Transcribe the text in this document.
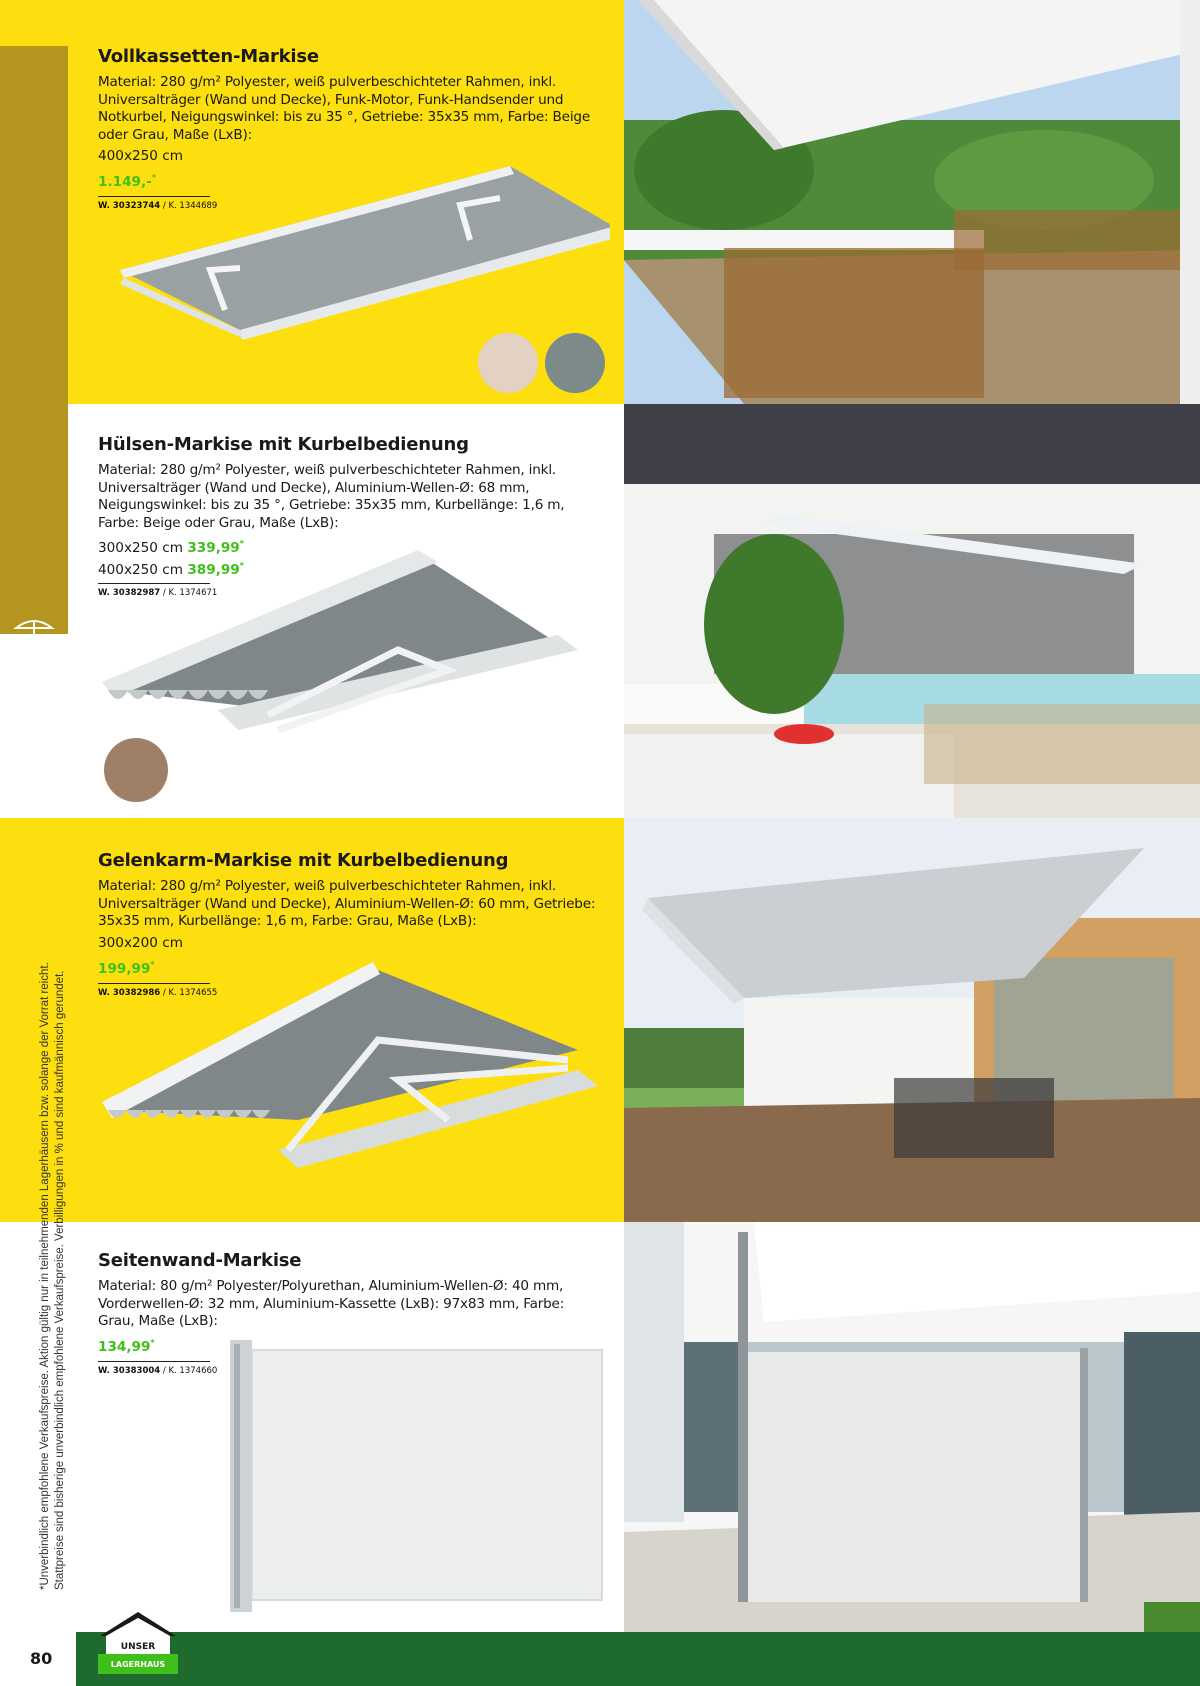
*Unverbindlich empfohlene Verkaufspreise. Aktion gültig nur in teilnehmenden Lagerhäusern bzw. solange der Vorrat reicht. Stattpreise sind bisherige unverbindlich empfohlene Verkaufspreise. Verbilligungen in % und sind kaufmännisch gerundet.
Vollkassetten-Markise
Material: 280 g/m² Polyester, weiß pulverbeschichteter Rahmen, inkl. Universalträger (Wand und Decke), Funk-Motor, Funk-Handsender und Notkurbel, Neigungswinkel: bis zu 35 °, Getriebe: 35x35 mm, Farbe: Beige oder Grau, Maße (LxB):
400x250 cm
1.149,-*
W. 30323744 / K. 1344689
Hülsen-Markise mit Kurbelbedienung
Material: 280 g/m² Polyester, weiß pulverbeschichteter Rahmen, inkl. Universalträger (Wand und Decke), Aluminium-Wellen-Ø: 68 mm, Neigungswinkel: bis zu 35 °, Getriebe: 35x35 mm, Kurbellänge: 1,6 m, Farbe: Beige oder Grau, Maße (LxB):
300x250 cm 339,99*
400x250 cm 389,99*
W. 30382987 / K. 1374671
Gelenkarm-Markise mit Kurbelbedienung
Material: 280 g/m² Polyester, weiß pulverbeschichteter Rahmen, inkl. Universalträger (Wand und Decke), Aluminium-Wellen-Ø: 60 mm, Getriebe: 35x35 mm, Kurbellänge: 1,6 m, Farbe: Grau, Maße (LxB):
300x200 cm
199,99*
W. 30382986 / K. 1374655
Seitenwand-Markise
Material: 80 g/m² Polyester/Polyurethan, Aluminium-Wellen-Ø: 40 mm, Vorderwellen-Ø: 32 mm, Aluminium-Kassette (LxB): 97x83 mm, Farbe: Grau, Maße (LxB):
134,99*
W. 30383004 / K. 1374660
80
UNSER
LAGERHAUS
